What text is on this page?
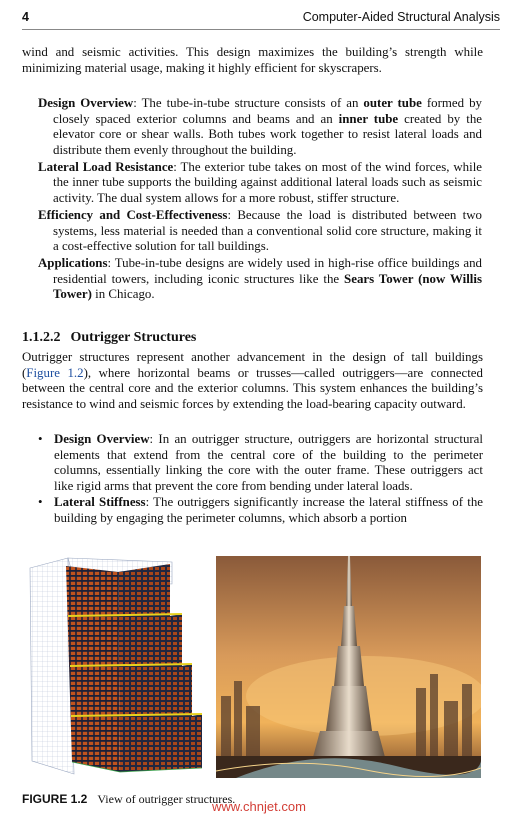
4	Computer-Aided Structural Analysis

wind and seismic activities. This design maximizes the building’s strength while minimizing material usage, making it highly efficient for skyscrapers.

Design Overview: The tube-in-tube structure consists of an outer tube formed by closely spaced exterior columns and beams and an inner tube created by the elevator core or shear walls. Both tubes work together to resist lateral loads and distribute them evenly throughout the building.

Lateral Load Resistance: The exterior tube takes on most of the wind forces, while the inner tube supports the building against additional lateral loads such as seismic activity. The dual system allows for a more robust, stiffer structure.

Efficiency and Cost-Effectiveness: Because the load is distributed between two systems, less material is needed than a conventional solid core structure, making it a cost-effective solution for tall buildings.

Applications: Tube-in-tube designs are widely used in high-rise office buildings and residential towers, including iconic structures like the Sears Tower (now Willis Tower) in Chicago.

1.1.2.2 Outrigger Structures

Outrigger structures represent another advancement in the design of tall buildings (Figure 1.2), where horizontal beams or trusses—called outriggers—are connected between the central core and the exterior columns. This system enhances the building’s resistance to wind and seismic forces by extending the load-bearing capacity outward.

• Design Overview: In an outrigger structure, outriggers are horizontal structural elements that extend from the central core of the building to the perimeter columns, essentially linking the core with the outer frame. These outriggers act like rigid arms that prevent the core from bending under lateral loads.
• Lateral Stiffness: The outriggers significantly increase the lateral stiffness of the building by engaging the perimeter columns, which absorb a portion

FIGURE 1.2 View of outrigger structures.

www.chnjet.com
